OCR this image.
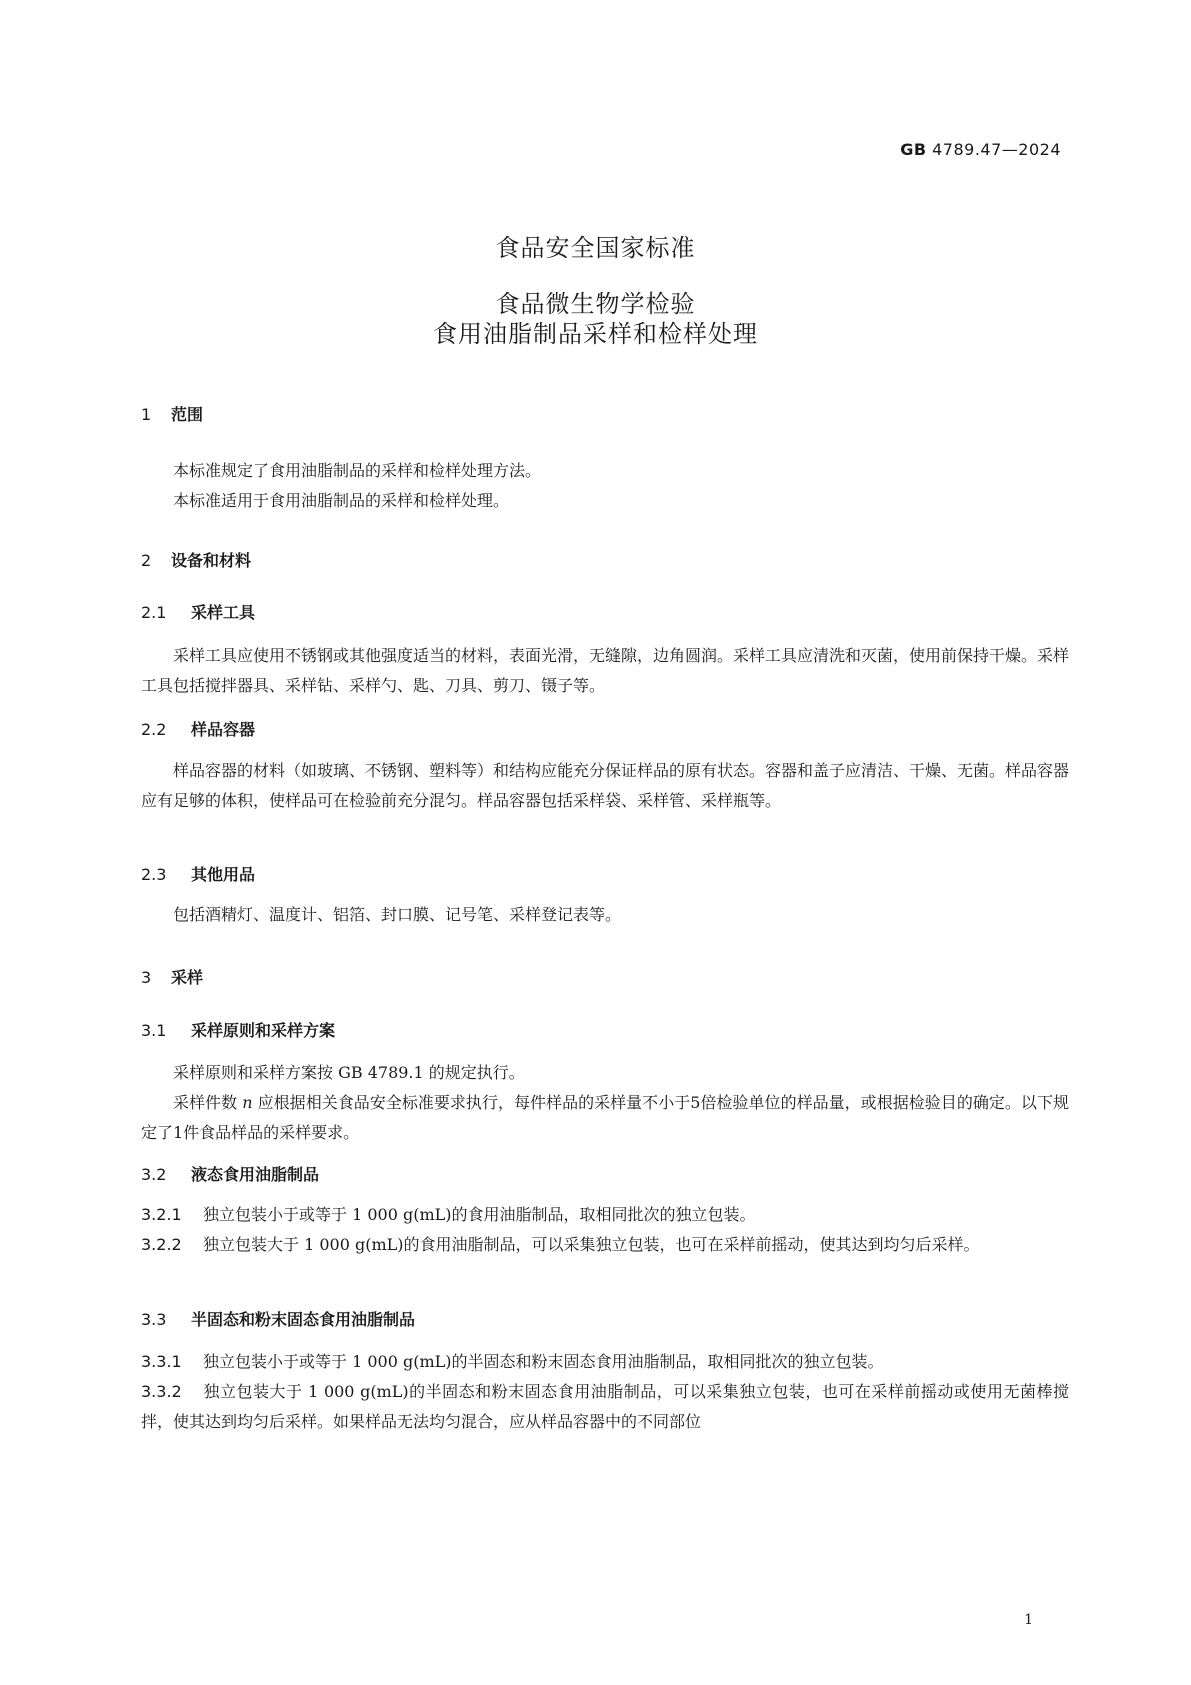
GB 4789.47—2024
食品安全国家标准
食品微生物学检验
食用油脂制品采样和检样处理
1 范围

本标准规定了食用油脂制品的采样和检样处理方法。

本标准适用于食用油脂制品的采样和检样处理。

2 设备和材料
2.1 采样工具

采样工具应使用不锈钢或其他强度适当的材料，表面光滑，无缝隙，边角圆润。采样工具应清洗和灭菌，使用前保持干燥。采样工具包括搅拌器具、采样钻、采样勺、匙、刀具、剪刀、镊子等。

2.2 样品容器

样品容器的材料（如玻璃、不锈钢、塑料等）和结构应能充分保证样品的原有状态。容器和盖子应清洁、干燥、无菌。样品容器应有足够的体积，使样品可在检验前充分混匀。样品容器包括采样袋、采样管、采样瓶等。

2.3 其他用品

包括酒精灯、温度计、铝箔、封口膜、记号笔、采样登记表等。

3 采样
3.1 采样原则和采样方案

采样原则和采样方案按 GB 4789.1 的规定执行。

采样件数 n 应根据相关食品安全标准要求执行，每件样品的采样量不小于5倍检验单位的样品量，或根据检验目的确定。以下规定了1件食品样品的采样要求。

3.2 液态食用油脂制品

3.2.1 独立包装小于或等于 1 000 g(mL)的食用油脂制品，取相同批次的独立包装。

3.2.2 独立包装大于 1 000 g(mL)的食用油脂制品，可以采集独立包装，也可在采样前摇动，使其达到均匀后采样。

3.3 半固态和粉末固态食用油脂制品

3.3.1 独立包装小于或等于 1 000 g(mL)的半固态和粉末固态食用油脂制品，取相同批次的独立包装。

3.3.2 独立包装大于 1 000 g(mL)的半固态和粉末固态食用油脂制品，可以采集独立包装，也可在采样前摇动或使用无菌棒搅拌，使其达到均匀后采样。如果样品无法均匀混合，应从样品容器中的不同部位

1
